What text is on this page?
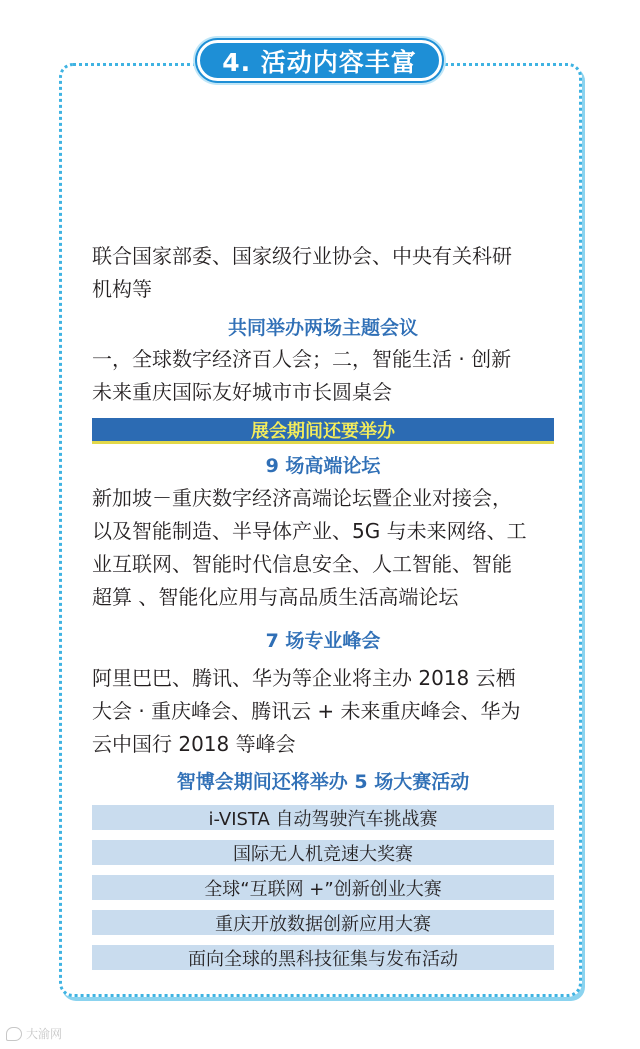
4. 活动内容丰富
联合国家部委、国家级行业协会、中央有关科研
机构等
共同举办两场主题会议
一，全球数字经济百人会；二，智能生活 · 创新
未来重庆国际友好城市市长圆桌会
展会期间还要举办
9 场高端论坛
新加坡－重庆数字经济高端论坛暨企业对接会，
以及智能制造、半导体产业、5G 与未来网络、工
业互联网、智能时代信息安全、人工智能、智能
超算 、智能化应用与高品质生活高端论坛
7 场专业峰会
阿里巴巴、腾讯、华为等企业将主办 2018 云栖
大会 · 重庆峰会、腾讯云 + 未来重庆峰会、华为
云中国行 2018 等峰会
智博会期间还将举办 5 场大赛活动
i-VISTA 自动驾驶汽车挑战赛
国际无人机竞速大奖赛
全球“互联网 +”创新创业大赛
重庆开放数据创新应用大赛
面向全球的黑科技征集与发布活动
大渝网
